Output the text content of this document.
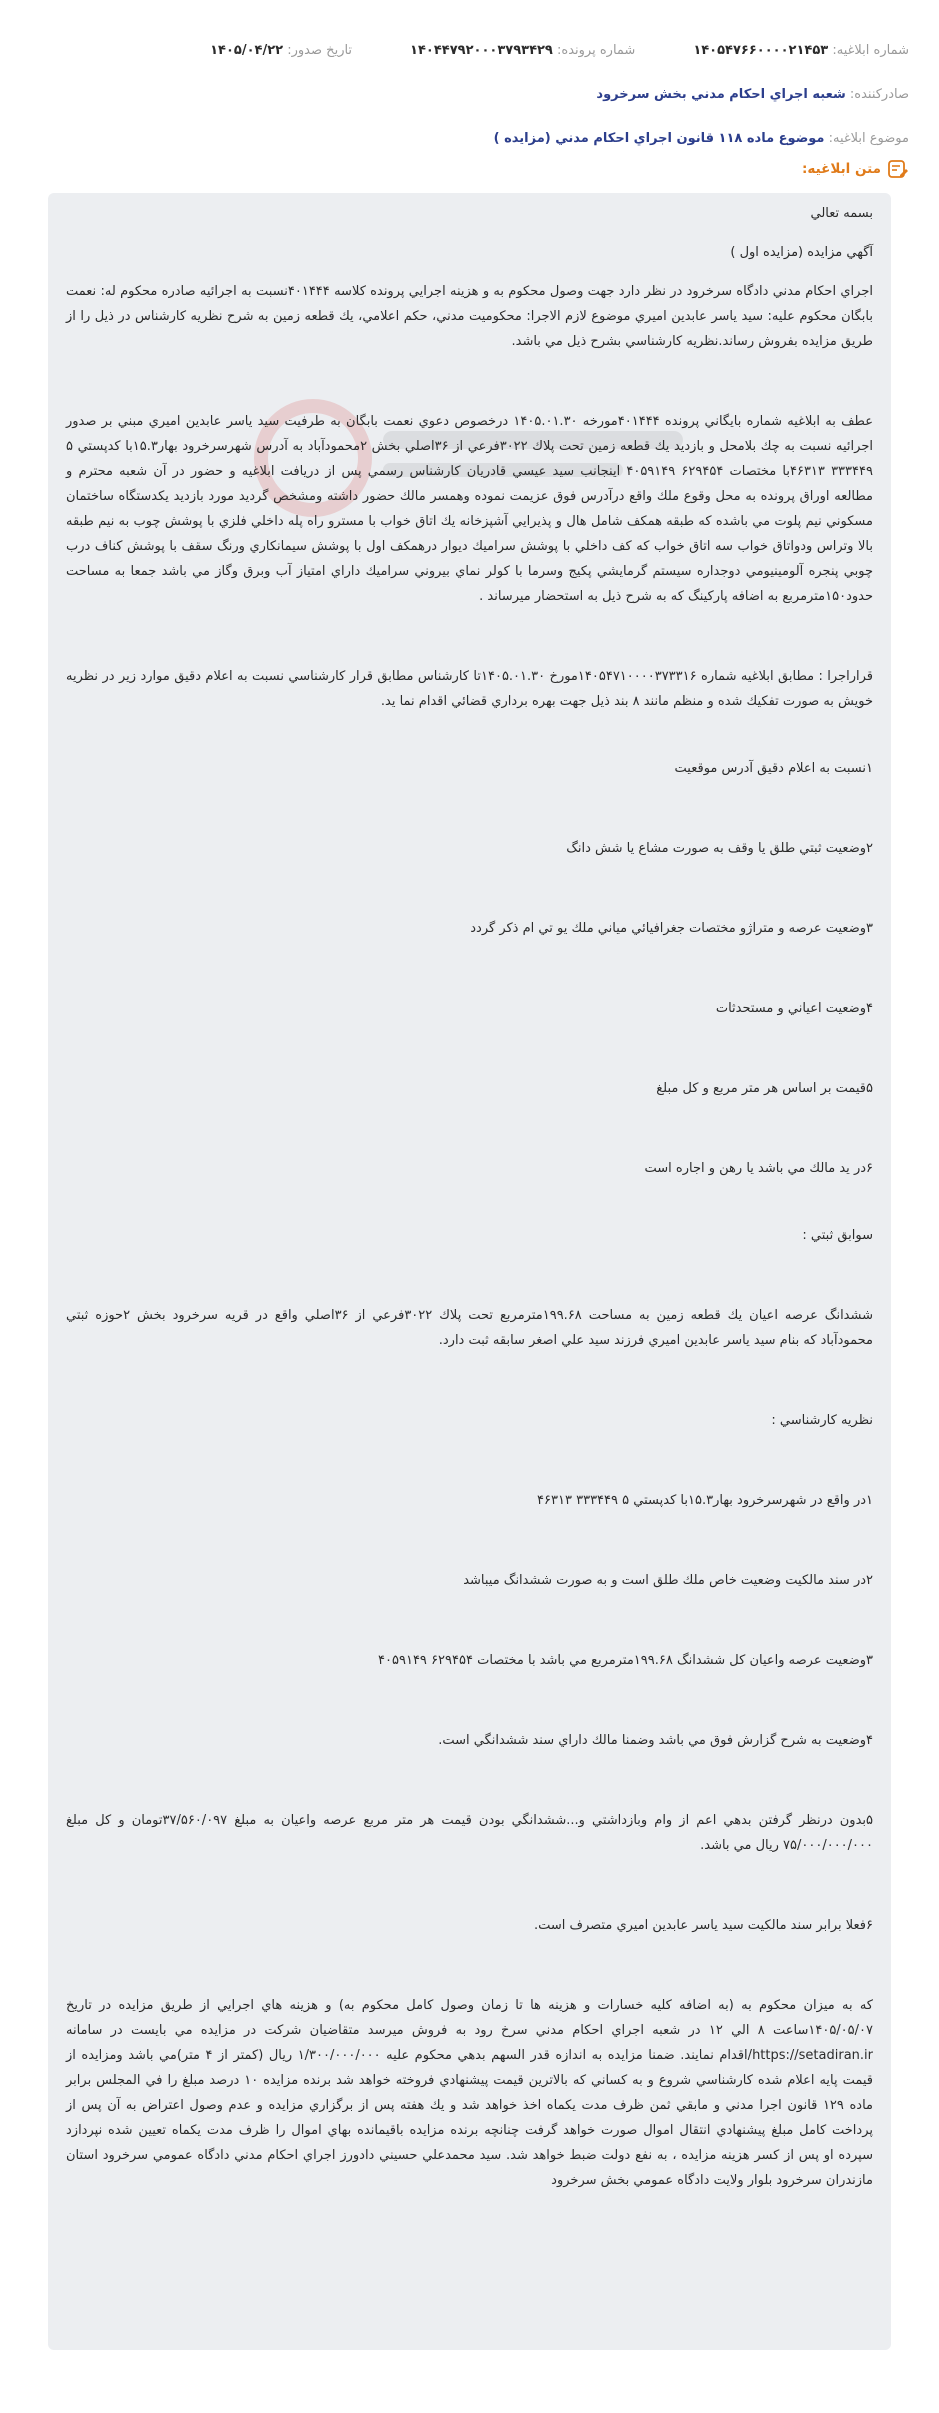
شماره ابلاغيه: ۱۴۰۵۴۷۶۶۰۰۰۰۲۱۴۵۳
شماره پرونده: ۱۴۰۴۴۷۹۲۰۰۰۳۷۹۳۴۲۹
تاريخ صدور: ۱۴۰۵/۰۴/۲۲
صادركننده:

شعبه اجراي احكام مدني بخش سرخرود
موضوع ابلاغيه:

موضوع ماده ۱۱۸ قانون اجراي احكام مدني (مزايده )
متن ابلاغيه:

بسمه تعالي

آگهي مزايده (مزايده اول )

اجراي احكام مدني دادگاه سرخرود در نظر دارد جهت وصول محكوم به و هزينه اجرايي پرونده كلاسه ۴۰۱۴۴۴نسبت به اجرائيه صادره محكوم له: نعمت بابگان محكوم عليه: سيد ياسر عابدين اميري موضوع لازم الاجرا: محكوميت مدني، حكم اعلامي، يك قطعه زمين به شرح نظريه كارشناس در ذيل را از طريق مزايده بفروش رساند.نظريه كارشناسي بشرح ذيل مي باشد.

عطف به ابلاغيه شماره بايگاني پرونده ۴۰۱۴۴۴مورخه ۱۴۰۵.۰۱.۳۰ درخصوص دعوي نعمت بابگان به طرفيت سيد ياسر عابدين اميري مبني بر صدور اجرائيه نسبت به چك بلامحل و بازديد يك قطعه زمين تحت پلاك ۳۰۲۲فرعي از ۳۶اصلي بخش ۲محمودآباد به آدرس شهرسرخرود بهار۱۵.۳با كدپستي ۵ ۳۳۳۴۴۹ ۴۶۳۱۳با مختصات ۶۲۹۴۵۴ ۴۰۵۹۱۴۹ اينجانب سيد عيسي قادريان كارشناس رسمي پس از دريافت ابلاغيه و حضور در آن شعبه محترم و مطالعه اوراق پرونده به محل وقوع ملك واقع درآدرس فوق عزيمت نموده وهمسر مالك حضور داشته ومشخص گرديد مورد بازديد يكدستگاه ساختمان مسكوني نيم پلوت مي باشده كه طبقه همكف شامل هال و پذيرايي آشپزخانه يك اتاق خواب با مسترو راه پله داخلي فلزي با پوشش چوب به نيم طبقه بالا وتراس ودواتاق خواب سه اتاق خواب كه كف داخلي با پوشش سراميك ديوار درهمكف اول با پوشش سيمانكاري ورنگ سقف با پوشش كناف درب چوبي پنجره آلومينيومي دوجداره سيستم گرمايشي پكيج وسرما با كولر نماي بيروني سراميك داراي امتياز آب وبرق وگاز مي باشد جمعا به مساحت حدود۱۵۰مترمربع به اضافه پاركينگ كه به شرح ذيل به استحضار ميرساند .

قراراجرا : مطابق ابلاغيه شماره ۱۴۰۵۴۷۱۰۰۰۰۳۷۳۳۱۶مورخ ۱۴۰۵.۰۱.۳۰تا كارشناس مطابق قرار كارشناسي نسبت به اعلام دقيق موارد زير در نظريه خويش به صورت تفكيك شده و منظم مانند ۸ بند ذيل جهت بهره برداري قضائي اقدام نما يد.

۱نسبت به اعلام دقيق آدرس موقعيت

۲وضعيت ثبتي طلق يا وقف به صورت مشاع يا شش دانگ

۳وضعيت عرصه و متراژو مختصات جغرافيائي مياني ملك يو تي ام ذكر گردد

۴وضعيت اعياني و مستحدثات

۵قيمت بر اساس هر متر مربع و كل مبلغ

۶در يد مالك مي باشد يا رهن و اجاره است

سوابق ثبتي :

ششدانگ عرصه اعيان يك قطعه زمين به مساحت ۱۹۹.۶۸مترمربع تحت پلاك ۳۰۲۲فرعي از ۳۶اصلي واقع در قريه سرخرود بخش ۲حوزه ثبتي محمودآباد كه بنام سيد ياسر عابدين اميري فرزند سيد علي اصغر سابقه ثبت دارد.

نظريه كارشناسي :

۱در واقع در شهرسرخرود بهار۱۵.۳با كدپستي ۵ ۳۳۳۴۴۹ ۴۶۳۱۳

۲در سند مالكيت وضعيت خاص ملك طلق است و به صورت ششدانگ ميباشد

۳وضعيت عرصه واعيان كل ششدانگ ۱۹۹.۶۸مترمربع مي باشد با مختصات ۶۲۹۴۵۴ ۴۰۵۹۱۴۹

۴وضعيت به شرح گزارش فوق مي باشد وضمنا مالك داراي سند ششدانگي است.

۵بدون درنظر گرفتن بدهي اعم از وام وبازداشتي و...ششدانگي بودن قيمت هر متر مربع عرصه واعيان به مبلغ ۳۷/۵۶۰/۰۹۷تومان و كل مبلغ ۷۵/۰۰۰/۰۰۰/۰۰۰ ريال مي باشد.

۶فعلا برابر سند مالكيت سيد ياسر عابدين اميري متصرف است.

كه به ميزان محكوم به (به اضافه كليه خسارات و هزينه ها تا زمان وصول كامل محكوم به) و هزينه هاي اجرايي از طريق مزايده در تاريخ ۱۴۰۵/۰۵/۰۷ساعت ۸ الي ۱۲ در شعبه اجراي احكام مدني سرخ رود به فروش ميرسد متقاضيان شركت در مزايده مي بايست در سامانه https://setadiran.ir/اقدام نمايند. ضمنا مزايده به اندازه قدر السهم بدهي محكوم عليه ۱/۳۰۰/۰۰۰/۰۰۰ ريال (كمتر از ۴ متر)مي باشد ومزايده از قيمت پايه اعلام شده كارشناسي شروع و به كساني كه بالاترين قيمت پيشنهادي فروخته خواهد شد برنده مزايده ۱۰ درصد مبلغ را في المجلس برابر ماده ۱۲۹ قانون اجرا مدني و مابقي ثمن ظرف مدت يكماه اخذ خواهد شد و يك هفته پس از برگزاري مزايده و عدم وصول اعتراض به آن پس از پرداخت كامل مبلغ پيشنهادي انتقال اموال صورت خواهد گرفت چنانچه برنده مزايده باقيمانده بهاي اموال را ظرف مدت يكماه تعيين شده نپردازد سپرده او پس از كسر هزينه مزايده ، به نفع دولت ضبط خواهد شد. سيد محمدعلي حسيني دادورز اجراي احكام مدني دادگاه عمومي سرخرود استان مازندران سرخرود بلوار ولايت دادگاه عمومي بخش سرخرود
